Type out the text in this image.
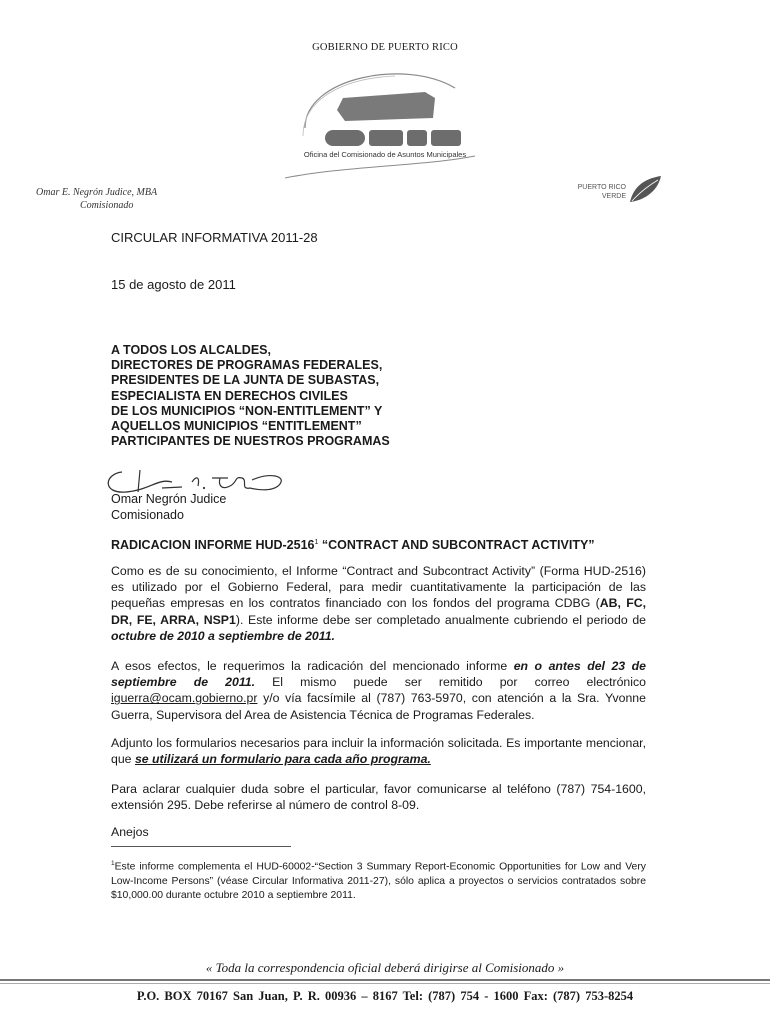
GOBIERNO DE PUERTO RICO
Oficina del Comisionado de Asuntos Municipales
Omar E. Negrón Judice, MBA
Comisionado
PUERTO RICO
VERDE
CIRCULAR INFORMATIVA 2011-28
15 de agosto de 2011
A TODOS LOS ALCALDES,
DIRECTORES DE PROGRAMAS FEDERALES,
PRESIDENTES DE LA JUNTA DE SUBASTAS,
ESPECIALISTA EN DERECHOS CIVILES
DE LOS MUNICIPIOS “NON-ENTITLEMENT” Y
AQUELLOS MUNICIPIOS “ENTITLEMENT”
PARTICIPANTES DE NUESTROS PROGRAMAS
Omar Negrón Judice
Comisionado
RADICACION INFORME HUD-2516$^1$ “CONTRACT AND SUBCONTRACT ACTIVITY”
Como es de su conocimiento, el Informe “Contract and Subcontract Activity” (Forma HUD-2516) es utilizado por el Gobierno Federal, para medir cuantitativamente la participación de las pequeñas empresas en los contratos financiado con los fondos del programa CDBG (AB, FC, DR, FE, ARRA, NSP1). Este informe debe ser completado anualmente cubriendo el periodo de octubre de 2010 a septiembre de 2011.
A esos efectos, le requerimos la radicación del mencionado informe en o antes del 23 de septiembre de 2011. El mismo puede ser remitido por correo electrónico iguerra@ocam.gobierno.pr y/o vía facsímile al (787) 763-5970, con atención a la Sra. Yvonne Guerra, Supervisora del Area de Asistencia Técnica de Programas Federales.
Adjunto los formularios necesarios para incluir la información solicitada. Es importante mencionar, que se utilizará un formulario para cada año programa.
Para aclarar cualquier duda sobre el particular, favor comunicarse al teléfono (787) 754-1600, extensión 295. Debe referirse al número de control 8-09.
Anejos
$^1$Este informe complementa el HUD-60002-“Section 3 Summary Report-Economic Opportunities for Low and Very Low-Income Persons” (véase Circular Informativa 2011-27), sólo aplica a proyectos o servicios contratados sobre $10,000.00 durante octubre 2010 a septiembre 2011.
« Toda la correspondencia oficial deberá dirigirse al Comisionado »
P.O. BOX 70167 San Juan, P. R. 00936 – 8167 Tel: (787) 754 - 1600 Fax: (787) 753-8254
